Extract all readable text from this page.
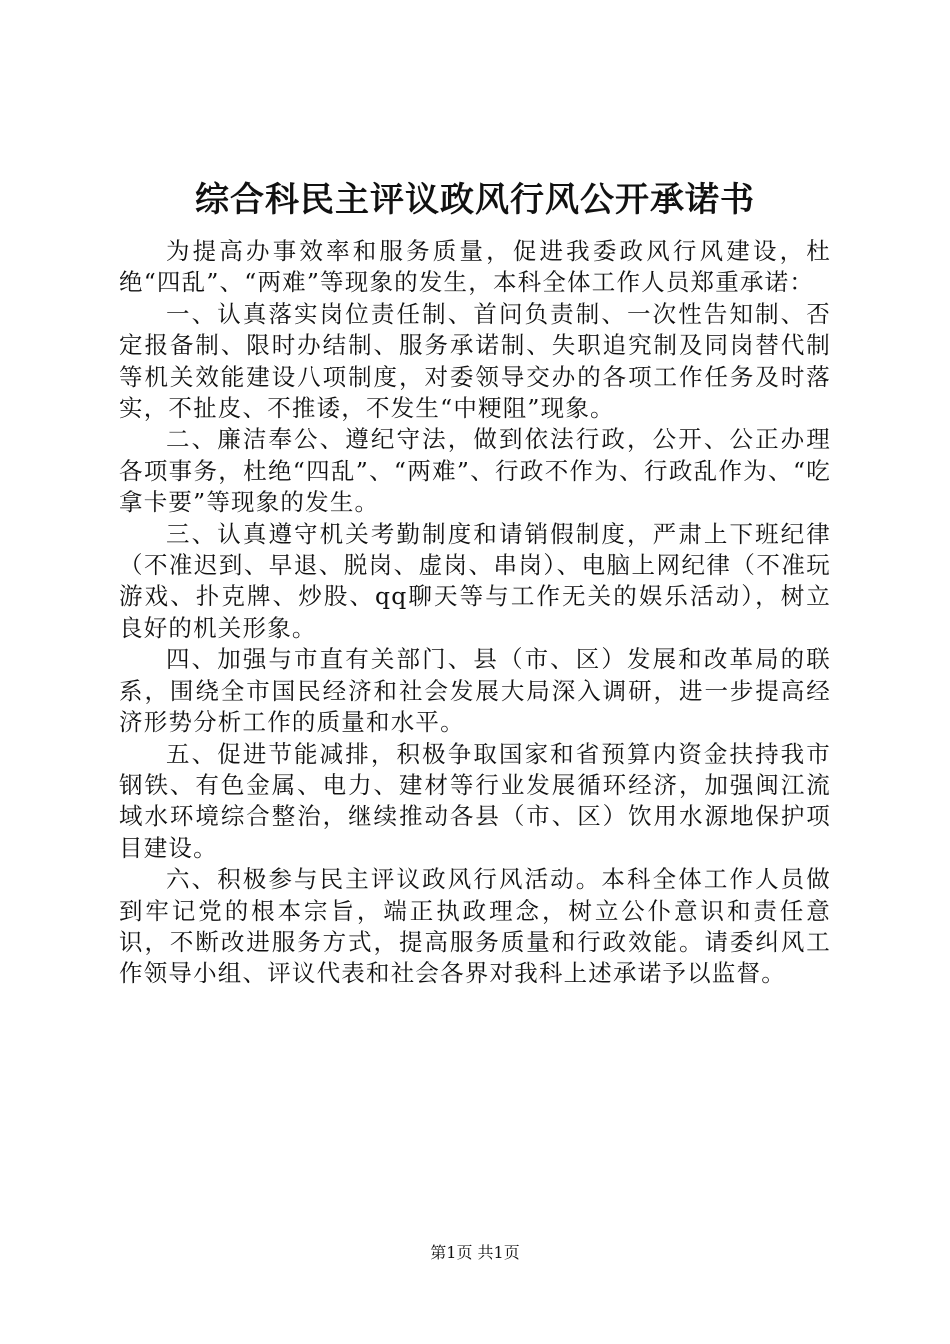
综合科民主评议政风行风公开承诺书

为提高办事效率和服务质量，促进我委政风行风建设，杜绝“四乱”、“两难”等现象的发生，本科全体工作人员郑重承诺：

一、认真落实岗位责任制、首问负责制、一次性告知制、否定报备制、限时办结制、服务承诺制、失职追究制及同岗替代制等机关效能建设八项制度，对委领导交办的各项工作任务及时落实，不扯皮、不推诿，不发生“中粳阻”现象。

二、廉洁奉公、遵纪守法，做到依法行政，公开、公正办理各项事务，杜绝“四乱”、“两难”、行政不作为、行政乱作为、“吃拿卡要”等现象的发生。

三、认真遵守机关考勤制度和请销假制度，严肃上下班纪律（不准迟到、早退、脱岗、虚岗、串岗）、电脑上网纪律（不准玩游戏、扑克牌、炒股、qq聊天等与工作无关的娱乐活动），树立良好的机关形象。

四、加强与市直有关部门、县（市、区）发展和改革局的联系，围绕全市国民经济和社会发展大局深入调研，进一步提高经济形势分析工作的质量和水平。

五、促进节能减排，积极争取国家和省预算内资金扶持我市钢铁、有色金属、电力、建材等行业发展循环经济，加强闽江流域水环境综合整治，继续推动各县（市、区）饮用水源地保护项目建设。

六、积极参与民主评议政风行风活动。本科全体工作人员做到牢记党的根本宗旨，端正执政理念，树立公仆意识和责任意识，不断改进服务方式，提高服务质量和行政效能。请委纠风工作领导小组、评议代表和社会各界对我科上述承诺予以监督。

第1页 共1页
